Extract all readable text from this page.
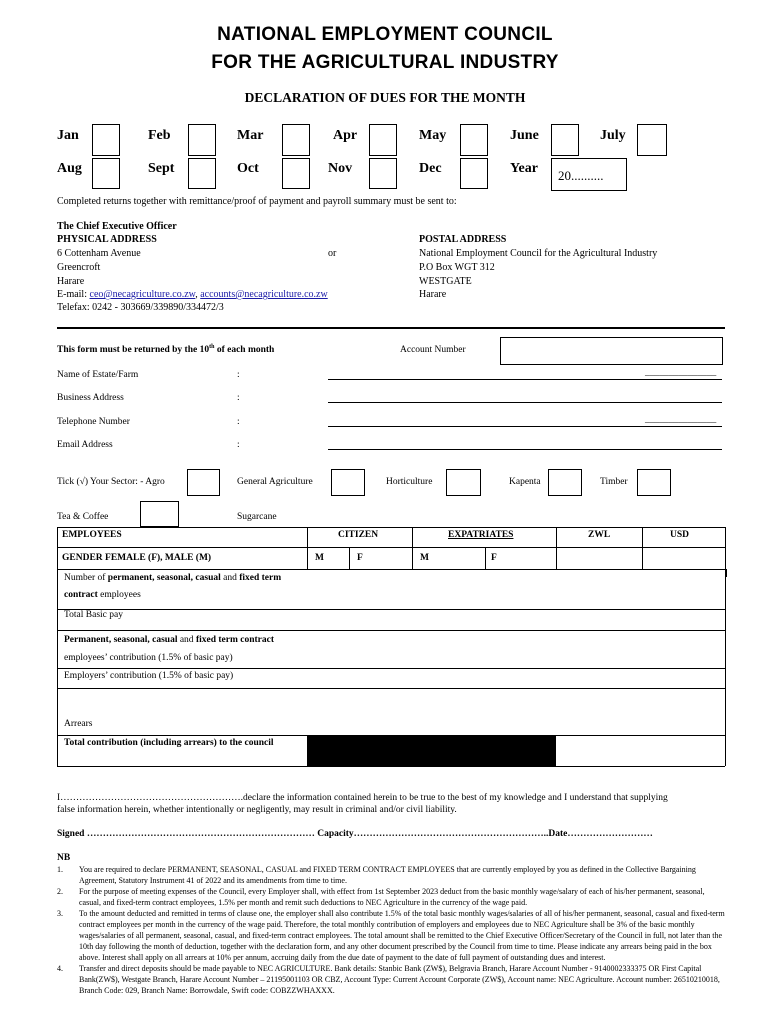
NATIONAL EMPLOYMENT COUNCIL
FOR THE AGRICULTURAL INDUSTRY
DECLARATION OF DUES FOR THE MONTH
Jan	Feb	Mar	Apr	May	June	July
Aug	Sept	Oct	Nov	Dec	Year 20..........
Completed returns together with remittance/proof of payment and payroll summary must be sent to:
The Chief Executive Officer
PHYSICAL ADDRESS
6 Cottenham Avenue
Greencroft
Harare
E-mail: ceo@necagriculture.co.zw, accounts@necagriculture.co.zw
Telefax: 0242 - 303669/339890/334472/3
or
POSTAL ADDRESS
National Employment Council for the Agricultural Industry
P.O Box WGT 312
WESTGATE
Harare
This form must be returned by the 10th of each month	Account Number
Name of Estate/Farm	:	_______________
Business Address	:
Telephone Number	:	_______________
Email Address	:
Tick (√) Your Sector: - Agro	General Agriculture	Horticulture	Kapenta	Timber
Tea & Coffee	Sugarcane
EMPLOYEES	CITIZEN	EXPATRIATES	ZWL	USD
GENDER FEMALE (F), MALE (M)	M	F	M	F
Number of permanent, seasonal, casual and fixed term
contract employees
Total Basic pay
Permanent, seasonal, casual and fixed term contract
employees’ contribution (1.5% of basic pay)
Employers’ contribution (1.5% of basic pay)
Arrears
Total contribution (including arrears) to the council
I………………………………………………….declare the information contained herein to be true to the best of my knowledge and I understand that supplying
false information herein, whether intentionally or negligently, may result in criminal and/or civil liability.
Signed ……………………………………………………………… Capacity……………………………………………………..Date………………………
NB
1.	You are required to declare PERMANENT, SEASONAL, CASUAL and FIXED TERM CONTRACT EMPLOYEES that are currently employed by you as defined in the Collective Bargaining Agreement, Statutory Instrument 41 of 2022 and its amendments from time to time.
2.	For the purpose of meeting expenses of the Council, every Employer shall, with effect from 1st September 2023 deduct from the basic monthly wage/salary of each of his/her permanent, seasonal, casual, and fixed-term contract employees, 1.5% per month and remit such deductions to NEC Agriculture in the currency of the wage paid.
3.	To the amount deducted and remitted in terms of clause one, the employer shall also contribute 1.5% of the total basic monthly wages/salaries of all of his/her permanent, seasonal, casual and fixed-term contract employees per month in the currency of the wage paid. Therefore, the total monthly contribution of employers and employees due to NEC Agriculture shall be 3% of the basic monthly wages/salaries of all permanent, seasonal, casual, and fixed-term contract employees. The total amount shall be remitted to the Chief Executive Officer/Secretary of the Council in full, not later than the 10th day following the month of deduction, together with the declaration form, and any other document prescribed by the Council from time to time. Please indicate any arrears being paid in the box above. Interest shall apply on all arrears at 10% per annum, accruing daily from the due date of payment to the date of full payment of outstanding dues and interest.
4.	Transfer and direct deposits should be made payable to NEC AGRICULTURE. Bank details: Stanbic Bank (ZW$), Belgravia Branch, Harare Account Number - 9140002333375 OR First Capital Bank(ZW$), Westgate Branch, Harare Account Number – 21195001103 OR CBZ, Account Type: Current Account Corporate (ZW$), Account name: NEC Agriculture. Account number: 26510210018, Branch Code: 029, Branch Name: Borrowdale, Swift code: COBZZWHAXXX.
